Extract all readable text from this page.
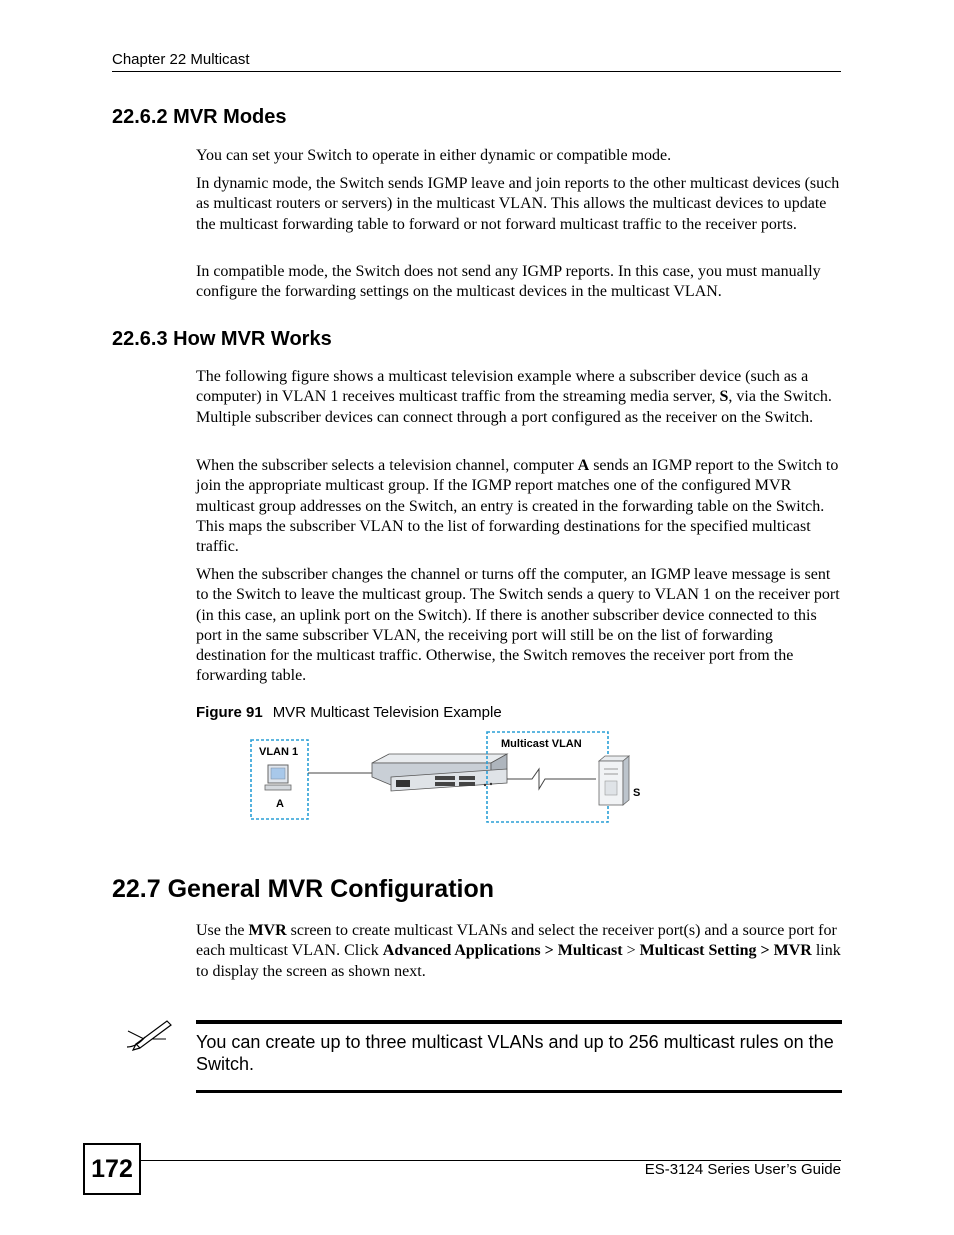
Chapter 22 Multicast
22.6.2 MVR Modes

You can set your Switch to operate in either dynamic or compatible mode.

In dynamic mode, the Switch sends IGMP leave and join reports to the other multicast devices (such as multicast routers or servers) in the multicast VLAN. This allows the multicast devices to update the multicast forwarding table to forward or not forward multicast traffic to the receiver ports.

In compatible mode, the Switch does not send any IGMP reports. In this case, you must manually configure the forwarding settings on the multicast devices in the multicast VLAN.

22.6.3 How MVR Works

The following figure shows a multicast television example where a subscriber device (such as a computer) in VLAN 1 receives multicast traffic from the streaming media server, S, via the Switch. Multiple subscriber devices can connect through a port configured as the receiver on the Switch.

When the subscriber selects a television channel, computer A sends an IGMP report to the Switch to join the appropriate multicast group. If the IGMP report matches one of the configured MVR multicast group addresses on the Switch, an entry is created in the forwarding table on the Switch. This maps the subscriber VLAN to the list of forwarding destinations for the specified multicast traffic.

When the subscriber changes the channel or turns off the computer, an IGMP leave message is sent to the Switch to leave the multicast group. The Switch sends a query to VLAN 1 on the receiver port (in this case, an uplink port on the Switch). If there is another subscriber device connected to this port in the same subscriber VLAN, the receiving port will still be on the list of forwarding destination for the multicast traffic. Otherwise, the Switch removes the receiver port from the forwarding table.

Figure 91 MVR Multicast Television Example
VLAN 1
A
Multicast VLAN
S
22.7 General MVR Configuration

Use the MVR screen to create multicast VLANs and select the receiver port(s) and a source port for each multicast VLAN. Click Advanced Applications > Multicast > Multicast Setting > MVR link to display the screen as shown next.

You can create up to three multicast VLANs and up to 256 multicast rules on the Switch.
172	ES-3124 Series User’s Guide
